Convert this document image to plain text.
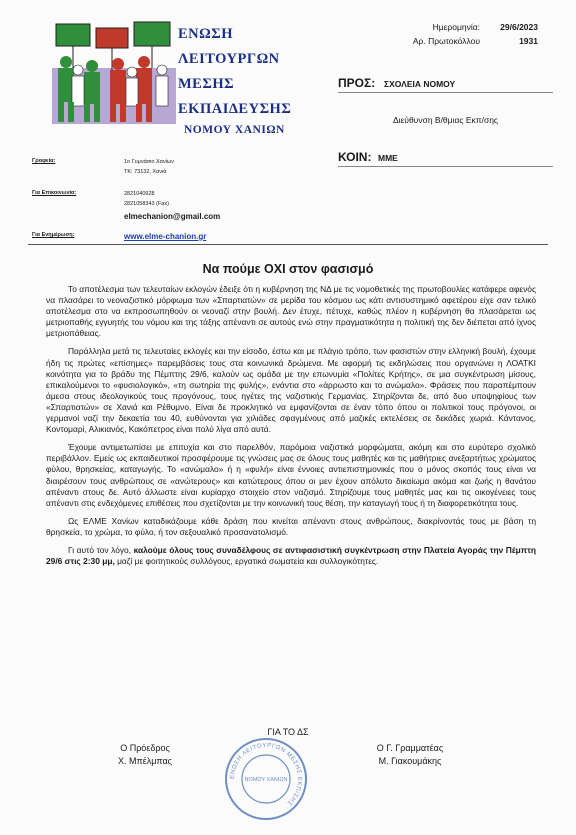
ΕΝΩΣΗ
ΛΕΙΤΟΥΡΓΩΝ
ΜΕΣΗΣ
ΕΚΠΑΙΔΕΥΣΗΣ
ΝΟΜΟΥ ΧΑΝΙΩΝ
Ημερομηνία:	29/6/2023
Αρ. Πρωτοκόλλου	1931
ΠΡΟΣ:	ΣΧΟΛΕΙΑ ΝΟΜΟΥ
Διεύθυνση Β/θμιας Εκπ/σης
ΚΟΙΝ: ΜΜΕ
Γραφεία:	1ο Γυμνάσιο Χανίων
ΤΚ: 73132, Χανιά
Για Επικοινωνία:	2821040928
2821058343 (Fax)
elmechanion@gmail.com
Για Ενημέρωση:	www.elme-chanion.gr
Να πούμε ΟΧΙ στον φασισμό

Το αποτέλεσμα των τελευταίων εκλογών έδειξε ότι η κυβέρνηση της ΝΔ με τις νομοθετικές της πρωτοβουλίες κατάφερε αφενός να πλασάρει το νεοναζιστικό μόρφωμα των «Σπαρτιατών» σε μερίδα του κόσμου ως κάτι αντισυστημικό αφετέρου είχε σαν τελικό αποτέλεσμα στο να εκπροσωπηθούν οι νεοναζί στην βουλή. Δεν έτυχε, πέτυχε, καθώς πλέον η κυβέρνηση θα πλασάρεται ως μετριοπαθής εγγυητής του νόμου και της τάξης απέναντι σε αυτούς ενώ στην πραγματικότητα η πολιτική της δεν διέπεται από ίχνος μετριοπάθειας.

Παράλληλα μετά τις τελευταίες εκλογές και την είσοδο, έστω και με πλάγιο τρόπο, των φασιστών στην ελληνική βουλή, έχουμε ήδη τις πρώτες «επίσημες» παρεμβάσεις τους στα κοινωνικά δρώμενα. Με αφορμή τις εκδηλώσεις που οργανώνει η ΛΟΑΤΚΙ κοινότητα για το βράδυ της Πέμπτης 29/6, καλούν ως ομάδα με την επωνυμία «Πολίτες Κρήτης», σε μια συγκέντρωση μίσους, επικαλούμενοι το «φυσιολογικό», «τη σωτηρία της φυλής», ενάντια στο «άρρωστο και το ανώμαλο». Φράσεις που παραπέμπουν άμεσα στους ιδεολογικούς τους προγόνους, τους ηγέτες της ναζιστικής Γερμανίας. Στηρίζονται δε, από δυο υποψηφίους των «Σπαρτιατών» σε Χανιά και Ρέθυμνο. Είναι δε προκλητικό να εμφανίζονται σε έναν τόπο όπου οι πολιτικοί τους πρόγονοι, οι γερμανοί ναζί την δεκαετία του 40, ευθύνονται για χιλιάδες σφαγμένους από μαζικές εκτελέσεις σε δεκάδες χωριά. Κάντανος, Κοντομαρί, Αλικιανός, Κακόπετρος είναι πολύ λίγα από αυτά.

Έχουμε αντιμετωπίσει με επιτυχία και στο παρελθόν, παρόμοια ναζιστικά μορφώματα, ακόμη και στο ευρύτερο σχολικό περιβάλλον. Εμείς ως εκπαιδευτικοί προσφέρουμε τις γνώσεις μας σε όλους τους μαθητές και τις μαθήτριες ανεξαρτήτως χρώματος φύλου, θρησκείας, καταγωγής. Το «ανώμαλο» ή η «φυλή» είναι έννοιες αντιεπιστημονικές που ο μόνος σκοπός τους είναι να διαιρέσουν τους ανθρώπους σε «ανώτερους» και κατώτερους όπου οι μεν έχουν απόλυτο δικαίωμα ακόμα και ζωής η θανάτου απέναντι στους δε. Αυτό άλλωστε είναι κυρίαρχο στοιχείο στον ναζισμό. Στηρίζουμε τους μαθητές μας και τις οικογένειες τους απέναντι στις ενδεχόμενες επιθέσεις που σχετίζονται με την κοινωνική τους θέση, την καταγωγή τους ή τη διαφορετικότητα τους.

Ως ΕΛΜΕ Χανίων καταδικάζουμε κάθε δράση που κινείται απέναντι στους ανθρώπους, διακρίνοντάς τους με βάση τη θρησκεία, το χρώμα, το φύλο, ή τον σεξουαλικό προσανατολισμό.

Γι αυτό τον λόγο, καλούμε όλους τους συναδέλφους σε αντιφασιστική συγκέντρωση στην Πλατεία Αγοράς την Πέμπτη 29/6 στις 2:30 μμ, μαζί με φοιτητικούς συλλόγους, εργατικά σωματεία και συλλογικότητες.

ΓΙΑ ΤΟ ΔΣ
Ο Πρόεδρος
Χ. Μπέλμπας
Ο Γ. Γραμματέας
Μ. Γιακουμάκης
ΕΝΩΣΗ ΛΕΙΤΟΥΡΓΩΝ ΜΕΣΗΣ ΕΚΠ/ΣΗΣ
ΝΟΜΟΥ ΧΑΝΙΩΝ
